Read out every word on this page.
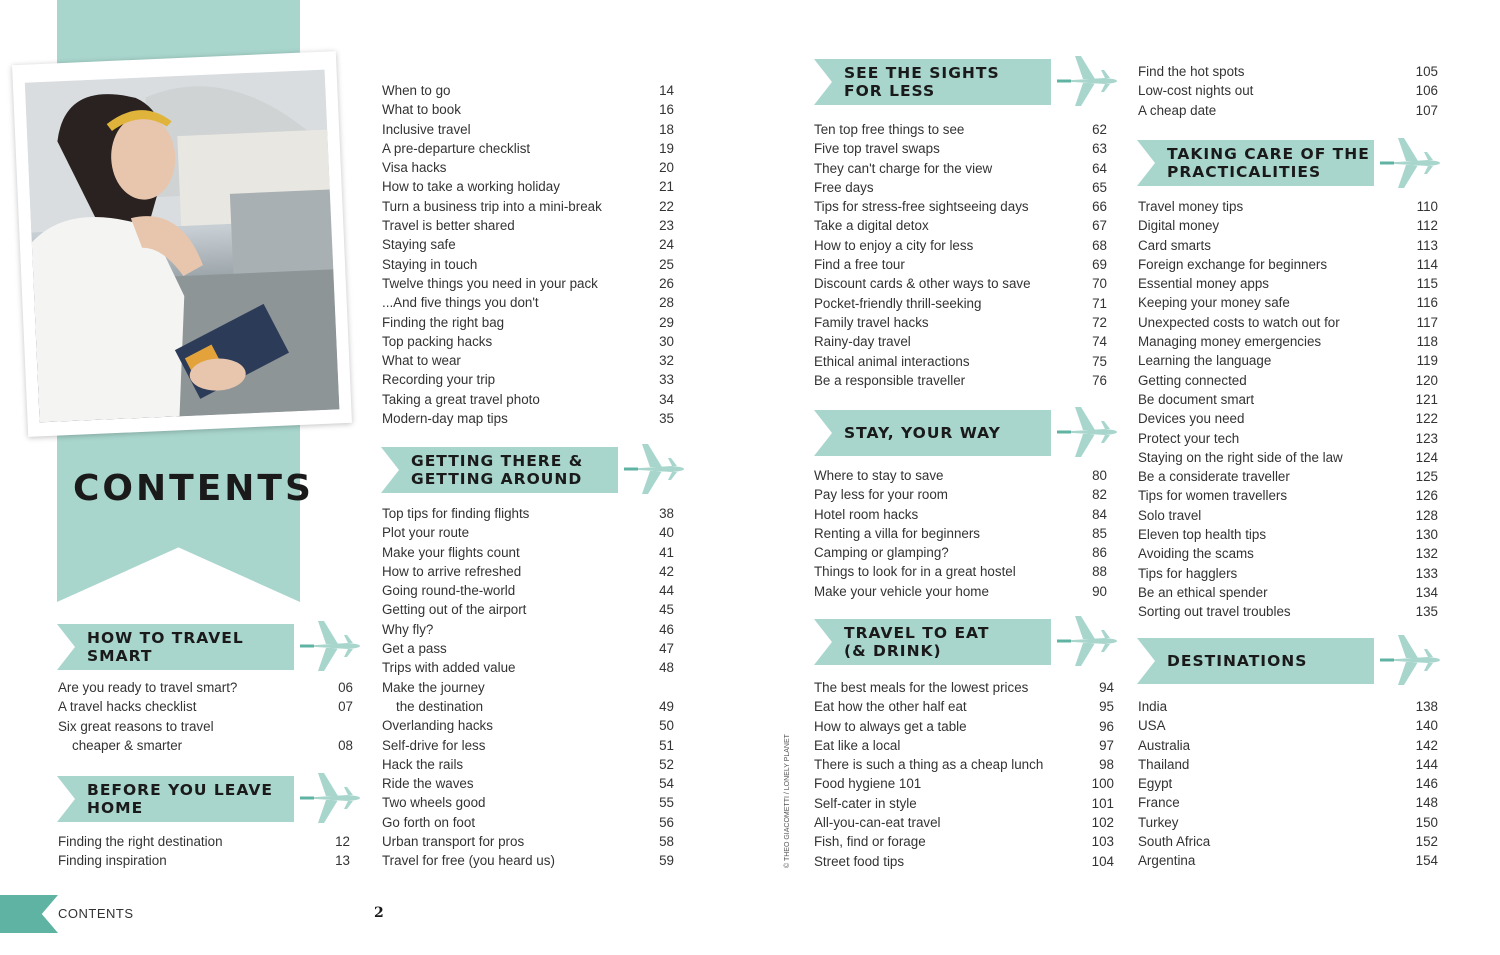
CONTENTS
HOW TO TRAVEL
SMART
Are you ready to travel smart?	06
A travel hacks checklist	07
Six great reasons to travel
cheaper & smarter	08
BEFORE YOU LEAVE
HOME
Finding the right destination	12
Finding inspiration	13
When to go	14
What to book	16
Inclusive travel	18
A pre-departure checklist	19
Visa hacks	20
How to take a working holiday	21
Turn a business trip into a mini-break	22
Travel is better shared	23
Staying safe	24
Staying in touch	25
Twelve things you need in your pack	26
...And five things you don't	28
Finding the right bag	29
Top packing hacks	30
What to wear	32
Recording your trip	33
Taking a great travel photo	34
Modern-day map tips	35
GETTING THERE &
GETTING AROUND
Top tips for finding flights	38
Plot your route	40
Make your flights count	41
How to arrive refreshed	42
Going round-the-world	44
Getting out of the airport	45
Why fly?	46
Get a pass	47
Trips with added value	48
Make the journey
the destination	49
Overlanding hacks	50
Self-drive for less	51
Hack the rails	52
Ride the waves	54
Two wheels good	55
Go forth on foot	56
Urban transport for pros	58
Travel for free (you heard us)	59
SEE THE SIGHTS
FOR LESS
Ten top free things to see	62
Five top travel swaps	63
They can't charge for the view	64
Free days	65
Tips for stress-free sightseeing days	66
Take a digital detox	67
How to enjoy a city for less	68
Find a free tour	69
Discount cards & other ways to save	70
Pocket-friendly thrill-seeking	71
Family travel hacks	72
Rainy-day travel	74
Ethical animal interactions	75
Be a responsible traveller	76
STAY, YOUR WAY
Where to stay to save	80
Pay less for your room	82
Hotel room hacks	84
Renting a villa for beginners	85
Camping or glamping?	86
Things to look for in a great hostel	88
Make your vehicle your home	90
TRAVEL TO EAT
(& DRINK)
The best meals for the lowest prices	94
Eat how the other half eat	95
How to always get a table	96
Eat like a local	97
There is such a thing as a cheap lunch	98
Food hygiene 101	100
Self-cater in style	101
All-you-can-eat travel	102
Fish, find or forage	103
Street food tips	104
Find the hot spots	105
Low-cost nights out	106
A cheap date	107
TAKING CARE OF THE
PRACTICALITIES
Travel money tips	110
Digital money	112
Card smarts	113
Foreign exchange for beginners	114
Essential money apps	115
Keeping your money safe	116
Unexpected costs to watch out for	117
Managing money emergencies	118
Learning the language	119
Getting connected	120
Be document smart	121
Devices you need	122
Protect your tech	123
Staying on the right side of the law	124
Be a considerate traveller	125
Tips for women travellers	126
Solo travel	128
Eleven top health tips	130
Avoiding the scams	132
Tips for hagglers	133
Be an ethical spender	134
Sorting out travel troubles	135
DESTINATIONS
India	138
USA	140
Australia	142
Thailand	144
Egypt	146
France	148
Turkey	150
South Africa	152
Argentina	154
© THEO GIACOMETTI / LONELY PLANET
CONTENTS	2
